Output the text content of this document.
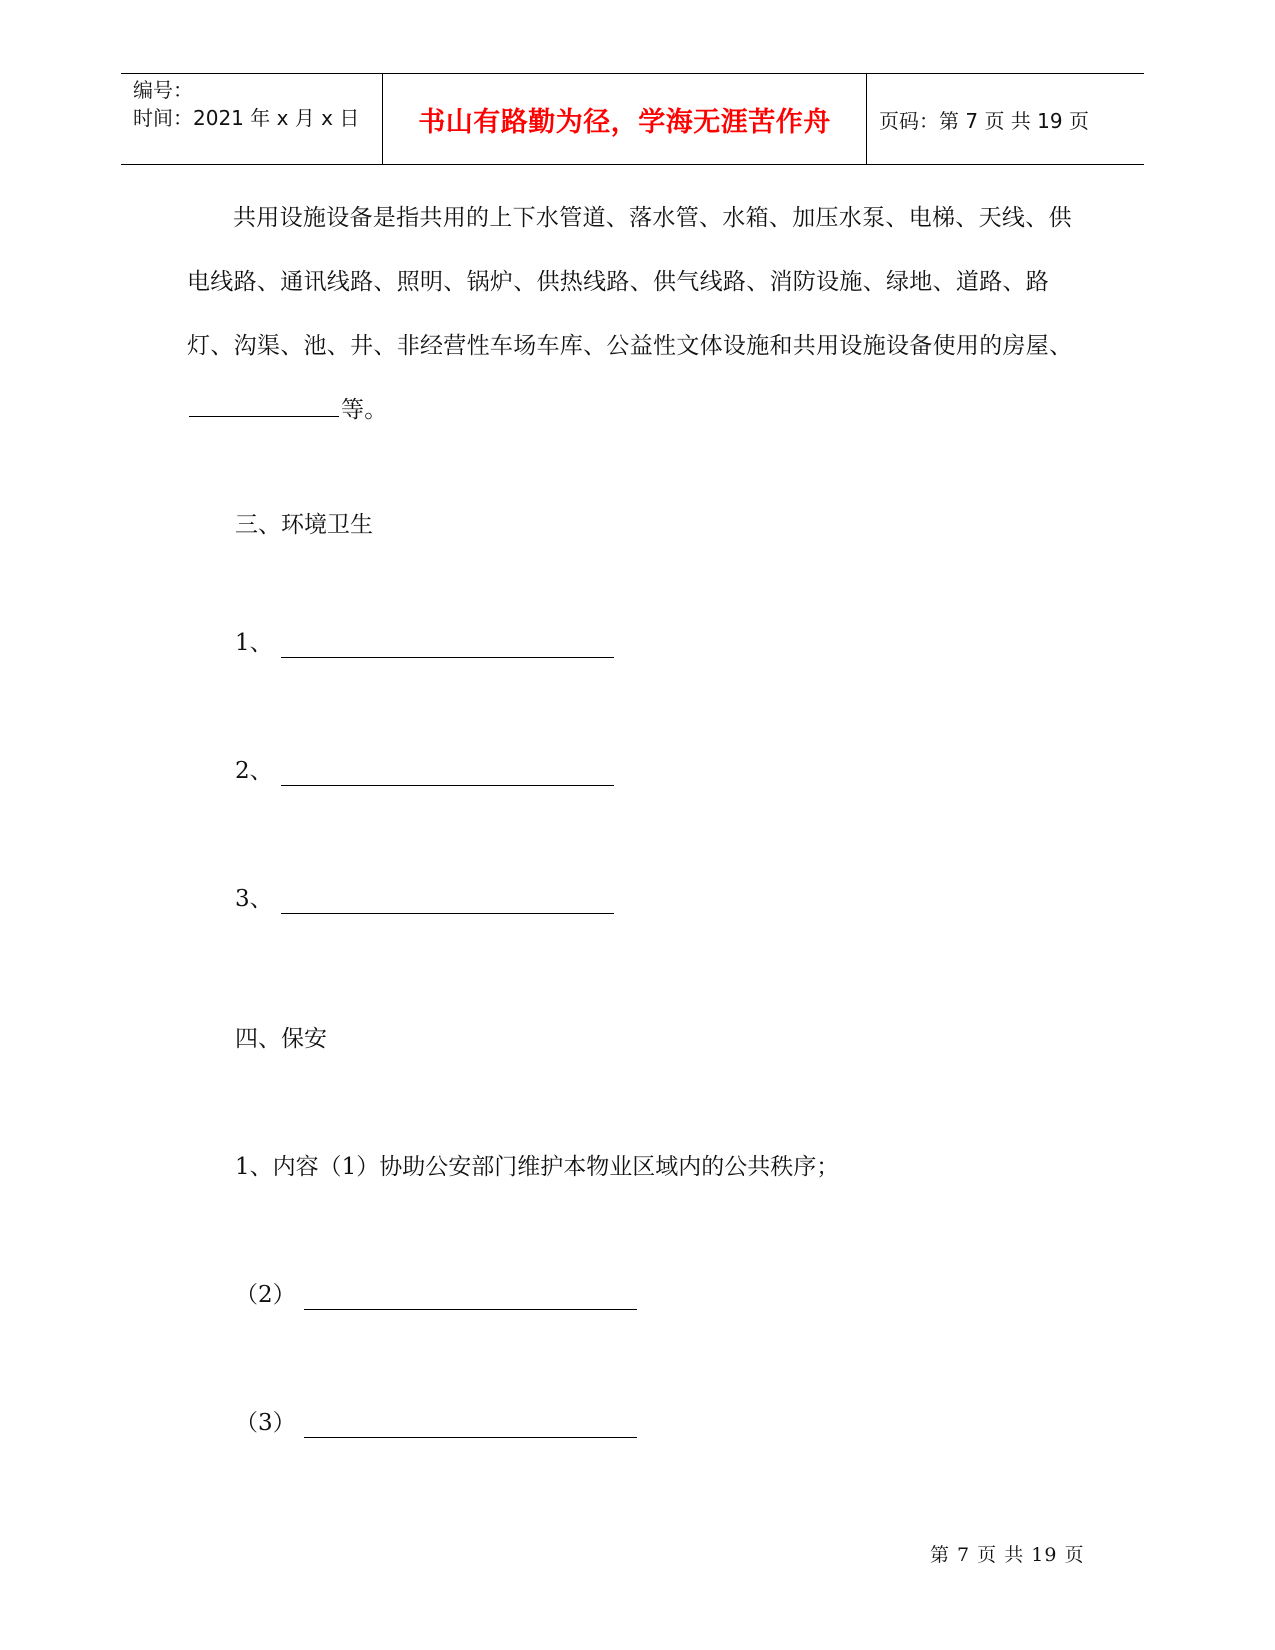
编号：
时间：2021 年 x 月 x 日	书山有路勤为径，学海无涯苦作舟 页码：第 7 页 共 19 页
共用设施设备是指共用的上下水管道、落水管、水箱、加压水泵、电梯、天线、供电线路、通讯线路、照明、锅炉、供热线路、供气线路、消防设施、绿地、道路、路灯、沟渠、池、井、非经营性车场车库、公益性文体设施和共用设施设备使用的房屋、等。
三、环境卫生
1、
2、
3、
四、保安
1、内容（1）协助公安部门维护本物业区域内的公共秩序；
（2）
（3）
第 7 页 共 19 页
